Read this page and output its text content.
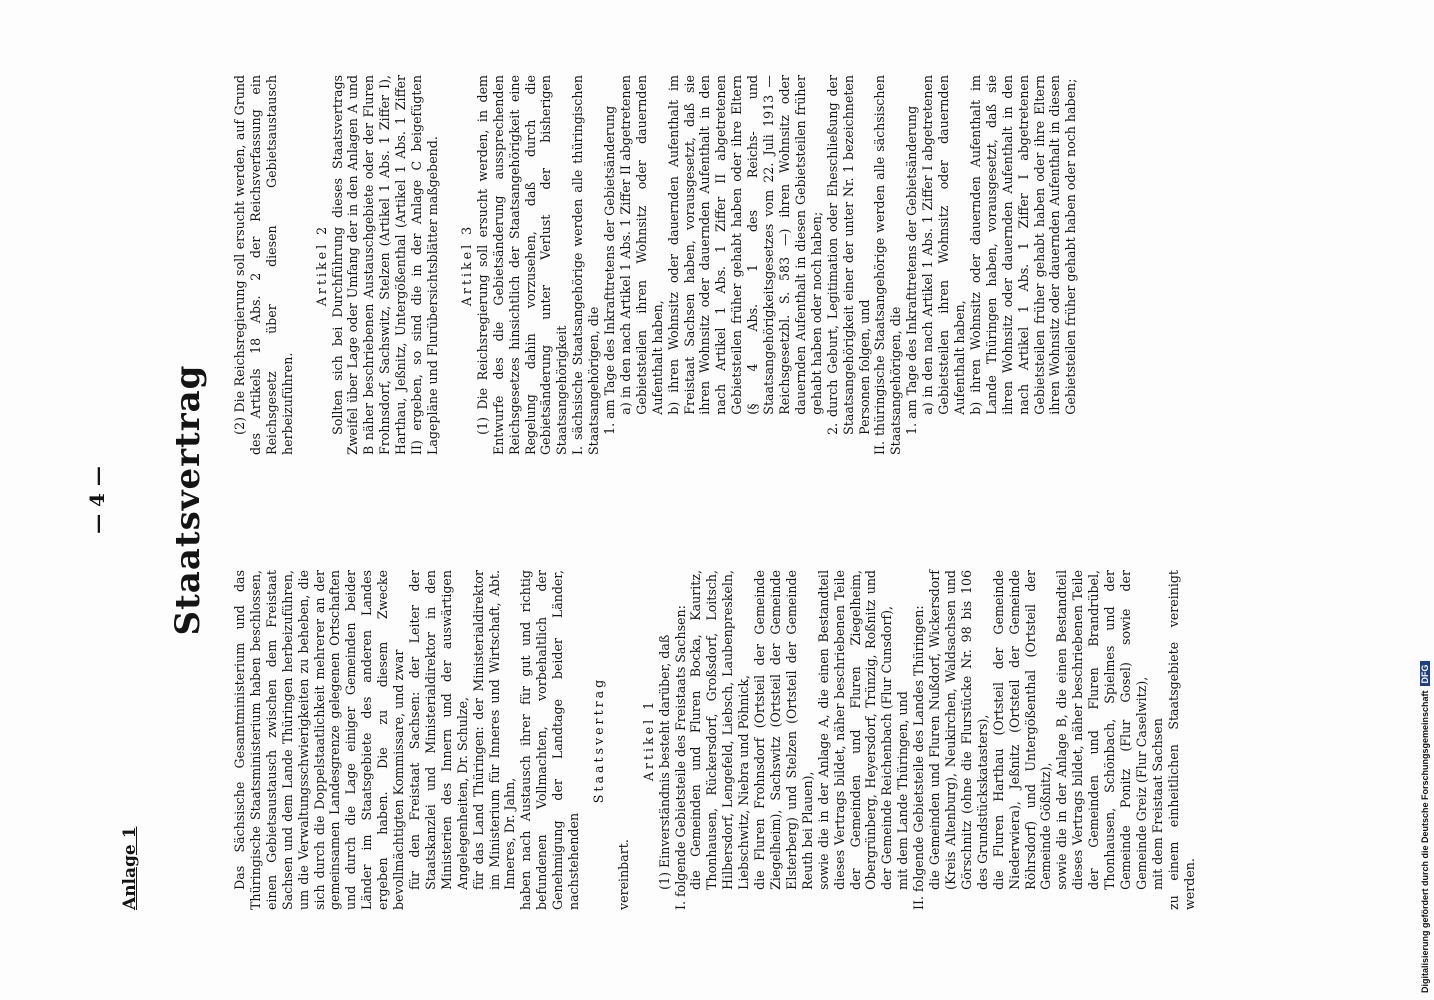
— 4 — Staatsvertrag
Anlage 1	Das Sächsische Gesamtministerium und das Thüringische Staatsministerium haben beschlossen, einen Gebietsaustausch zwischen dem Freistaat Sachsen und dem Lande Thüringen herbeizuführen, um die Verwaltungsschwierigkeiten zu beheben, die sich durch die Doppelstaatlichkeit mehrerer an der gemeinsamen Landesgrenze gelegenen Ortschaften und durch die Lage einiger Gemeinden beider Länder im Staatsgebiete des anderen Landes ergeben haben. Die zu diesem Zwecke bevollmächtigten Kommissare, und zwar für den Freistaat Sachsen: der Leiter der Staatskanzlei und Ministerialdirektor in den Ministerien des Innern und der auswärtigen Angelegenheiten, Dr. Schulze, für das Land Thüringen: der Ministerialdirektor im Ministerium für Inneres und Wirtschaft, Abt. Inneres, Dr. Jahn, haben nach Austausch ihrer für gut und richtig befundenen Vollmachten, vorbehaltlich der Genehmigung der Landtage beider Länder, nachstehenden

Staatsvertrag

vereinbart.

Artikel 1 (1) Einverständnis besteht darüber, daß I. folgende Gebietsteile des Freistaats Sachsen: die Gemeinden und Fluren Bocka, Kauritz, Thonhausen, Rückersdorf, Großsdorf, Loitsch, Hilbersdorf, Lengefeld, Liebsch, Laubenpreskeln, Liebschwitz, Niebra und Pöhnick, die Fluren Frohnsdorf (Ortsteil der Gemeinde Ziegelheim), Sachswitz (Ortsteil der Gemeinde Elsterberg) und Stelzen (Ortsteil der Gemeinde Reuth bei Plauen), sowie die in der Anlage A, die einen Bestandteil dieses Vertrags bildet, näher beschriebenen Teile der Gemeinden und Fluren Ziegelheim, Obergrünberg, Heyersdorf, Trünzig, Roßnitz und der Gemeinde Reichenbach (Flur Cunsdorf), mit dem Lande Thüringen, und II. folgende Gebietsteile des Landes Thüringen: die Gemeinden und Fluren Nußdorf, Wickersdorf (Kreis Altenburg), Neukirchen, Waldsachsen und Görschnitz (ohne die Flurstücke Nr. 98 bis 106 des Grundstückskatasters), die Fluren Harthau (Ortsteil der Gemeinde Niederwiera), Jeßnitz (Ortsteil der Gemeinde Röhrsdorf) und Untergößenthal (Ortsteil der Gemeinde Gößnitz), sowie die in der Anlage B, die einen Bestandteil dieses Vertrags bildet, näher beschriebenen Teile der Gemeinden und Fluren Brandrübel, Thonhausen, Schönbach, Spielmes und der Gemeinde Ponitz (Flur Gosel) sowie der Gemeinde Greiz (Flur Caselwitz), mit dem Freistaat Sachsen zu einem einheitlichen Staatsgebiete vereinigt werden.

(2) Die Reichsregierung soll ersucht werden, auf Grund des Artikels 18 Abs. 2 der Reichsverfassung ein Reichsgesetz über diesen Gebietsaustausch herbeizuführen.

Artikel 2 Sollten sich bei Durchführung dieses Staatsvertrags Zweifel über Lage oder Umfang der in den Anlagen A und B näher beschriebenen Austauschgebiete oder der Fluren Frohnsdorf, Sachswitz, Stelzen (Artikel 1 Abs. 1 Ziffer I), Harthau, Jeßnitz, Untergößenthal (Artikel 1 Abs. 1 Ziffer II) ergeben, so sind die in der Anlage C beigefügten Lagepläne und Flurübersichtsblätter maßgebend. Artikel 3 (1) Die Reichsregierung soll ersucht werden, in dem Entwurfe des die Gebietsänderung aussprechenden Reichsgesetzes hinsichtlich der Staatsangehörigkeit eine Regelung dahin vorzusehen, daß durch die Gebietsänderung unter Verlust der bisherigen Staatsangehörigkeit I. sächsische Staatsangehörige werden alle thüringischen Staatsangehörigen, die 1. am Tage des Inkrafttretens der Gebietsänderung a) in den nach Artikel 1 Abs. 1 Ziffer II abgetretenen Gebietsteilen ihren Wohnsitz oder dauernden Aufenthalt haben, b) ihren Wohnsitz oder dauernden Aufenthalt im Freistaat Sachsen haben, vorausgesetzt, daß sie ihren Wohnsitz oder dauernden Aufenthalt in den nach Artikel 1 Abs. 1 Ziffer II abgetretenen Gebietsteilen früher gehabt haben oder ihre Eltern (§ 4 Abs. 1 des Reichs- und Staatsangehörigkeitsgesetzes vom 22. Juli 1913 — Reichsgesetzbl. S. 583 —) ihren Wohnsitz oder dauernden Aufenthalt in diesen Gebietsteilen früher gehabt haben oder noch haben; 2. durch Geburt, Legitimation oder Eheschließung der Staatsangehörigkeit einer der unter Nr. 1 bezeichneten Personen folgen, und II. thüringische Staatsangehörige werden alle sächsischen Staatsangehörigen, die 1. am Tage des Inkrafttretens der Gebietsänderung a) in den nach Artikel 1 Abs. 1 Ziffer I abgetretenen Gebietsteilen ihren Wohnsitz oder dauernden Aufenthalt haben, b) ihren Wohnsitz oder dauernden Aufenthalt im Lande Thüringen haben, vorausgesetzt, daß sie ihren Wohnsitz oder dauernden Aufenthalt in den nach Artikel 1 Abs. 1 Ziffer I abgetretenen Gebietsteilen früher gehabt haben oder ihre Eltern ihren Wohnsitz oder dauernden Aufenthalt in diesen Gebietsteilen früher gehabt haben oder noch haben;

Digitalisierung gefördert durch die Deutsche ForschungsgemeinschaftDFG
